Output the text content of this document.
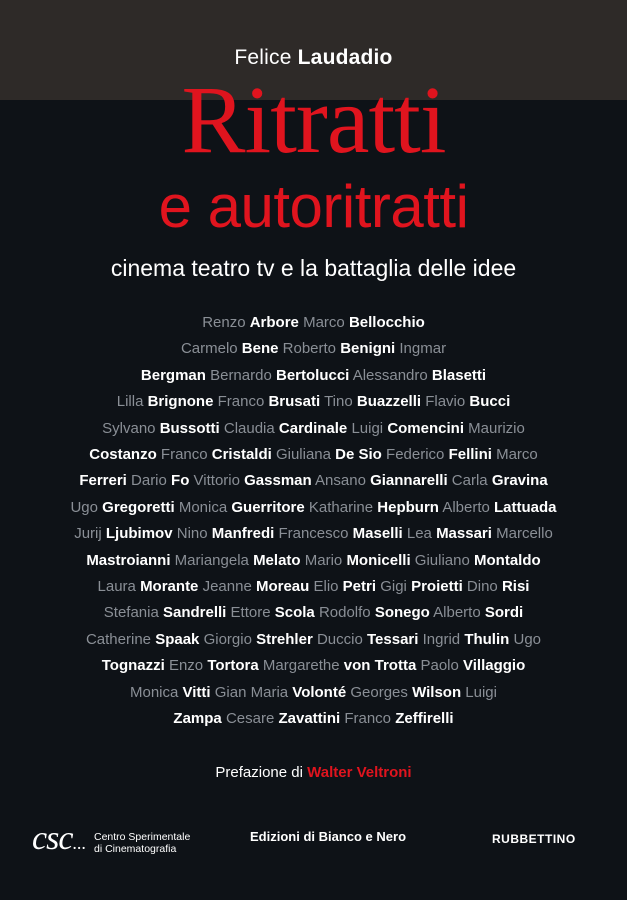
Felice Laudadio
Ritratti
e autoritratti
cinema teatro tv e la battaglia delle idee
Renzo Arbore Marco Bellocchio
Carmelo Bene Roberto Benigni Ingmar
Bergman Bernardo Bertolucci Alessandro Blasetti
Lilla Brignone Franco Brusati Tino Buazzelli Flavio Bucci
Sylvano Bussotti Claudia Cardinale Luigi Comencini Maurizio
Costanzo Franco Cristaldi Giuliana De Sio Federico Fellini Marco
Ferreri Dario Fo Vittorio Gassman Ansano Giannarelli Carla Gravina
Ugo Gregoretti Monica Guerritore Katharine Hepburn Alberto Lattuada
Jurij Ljubimov Nino Manfredi Francesco Maselli Lea Massari Marcello
Mastroianni Mariangela Melato Mario Monicelli Giuliano Montaldo
Laura Morante Jeanne Moreau Elio Petri Gigi Proietti Dino Risi
Stefania Sandrelli Ettore Scola Rodolfo Sonego Alberto Sordi
Catherine Spaak Giorgio Strehler Duccio Tessari Ingrid Thulin Ugo
Tognazzi Enzo Tortora Margarethe von Trotta Paolo Villaggio
Monica Vitti Gian Maria Volonté Georges Wilson Luigi
Zampa Cesare Zavattini Franco Zeffirelli
Prefazione di Walter Veltroni
csc... Centro Sperimentale
di Cinematografia
Edizioni di Bianco e Nero	RUBBETTINO
